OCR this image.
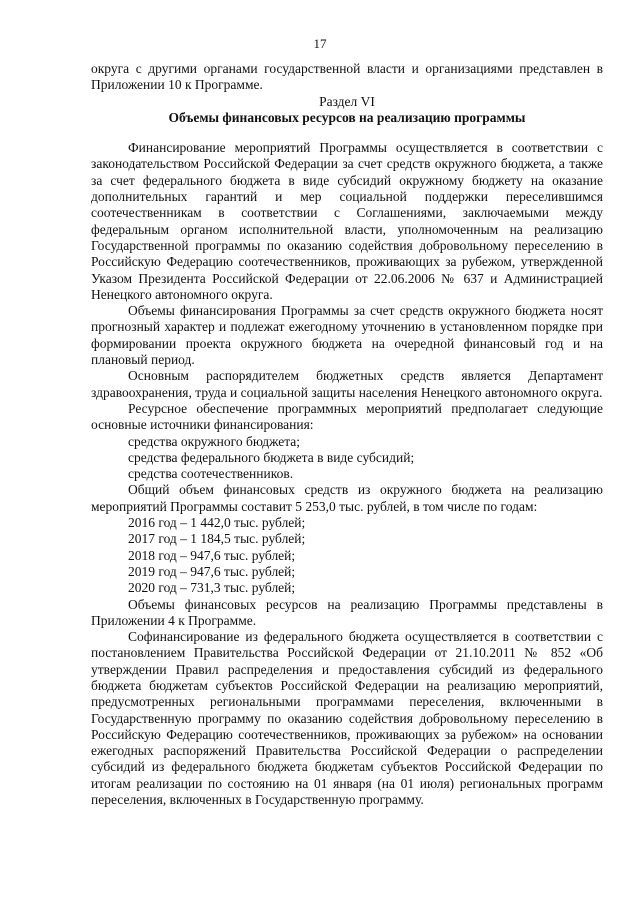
17

округа с другими органами государственной власти и организациями представлен в Приложении 10 к Программе.

Раздел VI

Объемы финансовых ресурсов на реализацию программы

Финансирование мероприятий Программы осуществляется в соответствии с законодательством Российской Федерации за счет средств окружного бюджета, а также за счет федерального бюджета в виде субсидий окружному бюджету на оказание дополнительных гарантий и мер социальной поддержки переселившимся соотечественникам в соответствии с Соглашениями, заключаемыми между федеральным органом исполнительной власти, уполномоченным на реализацию Государственной программы по оказанию содействия добровольному переселению в Российскую Федерацию соотечественников, проживающих за рубежом, утвержденной Указом Президента Российской Федерации от 22.06.2006 № 637 и Администрацией Ненецкого автономного округа.

Объемы финансирования Программы за счет средств окружного бюджета носят прогнозный характер и подлежат ежегодному уточнению в установленном порядке при формировании проекта окружного бюджета на очередной финансовый год и на плановый период.

Основным распорядителем бюджетных средств является Департамент здравоохранения, труда и социальной защиты населения Ненецкого автономного округа.

Ресурсное обеспечение программных мероприятий предполагает следующие основные источники финансирования:

средства окружного бюджета;

средства федерального бюджета в виде субсидий;

средства соотечественников.

Общий объем финансовых средств из окружного бюджета на реализацию мероприятий Программы составит 5 253,0 тыс. рублей, в том числе по годам:

2016 год – 1 442,0 тыс. рублей;

2017 год – 1 184,5 тыс. рублей;

2018 год – 947,6 тыс. рублей;

2019 год – 947,6 тыс. рублей;

2020 год – 731,3 тыс. рублей;

Объемы финансовых ресурсов на реализацию Программы представлены в Приложении 4 к Программе.

Софинансирование из федерального бюджета осуществляется в соответствии с постановлением Правительства Российской Федерации от 21.10.2011 № 852 «Об утверждении Правил распределения и предоставления субсидий из федерального бюджета бюджетам субъектов Российской Федерации на реализацию мероприятий, предусмотренных региональными программами переселения, включенными в Государственную программу по оказанию содействия добровольному переселению в Российскую Федерацию соотечественников, проживающих за рубежом» на основании ежегодных распоряжений Правительства Российской Федерации о распределении субсидий из федерального бюджета бюджетам субъектов Российской Федерации по итогам реализации по состоянию на 01 января (на 01 июля) региональных программ переселения, включенных в Государственную программу.
